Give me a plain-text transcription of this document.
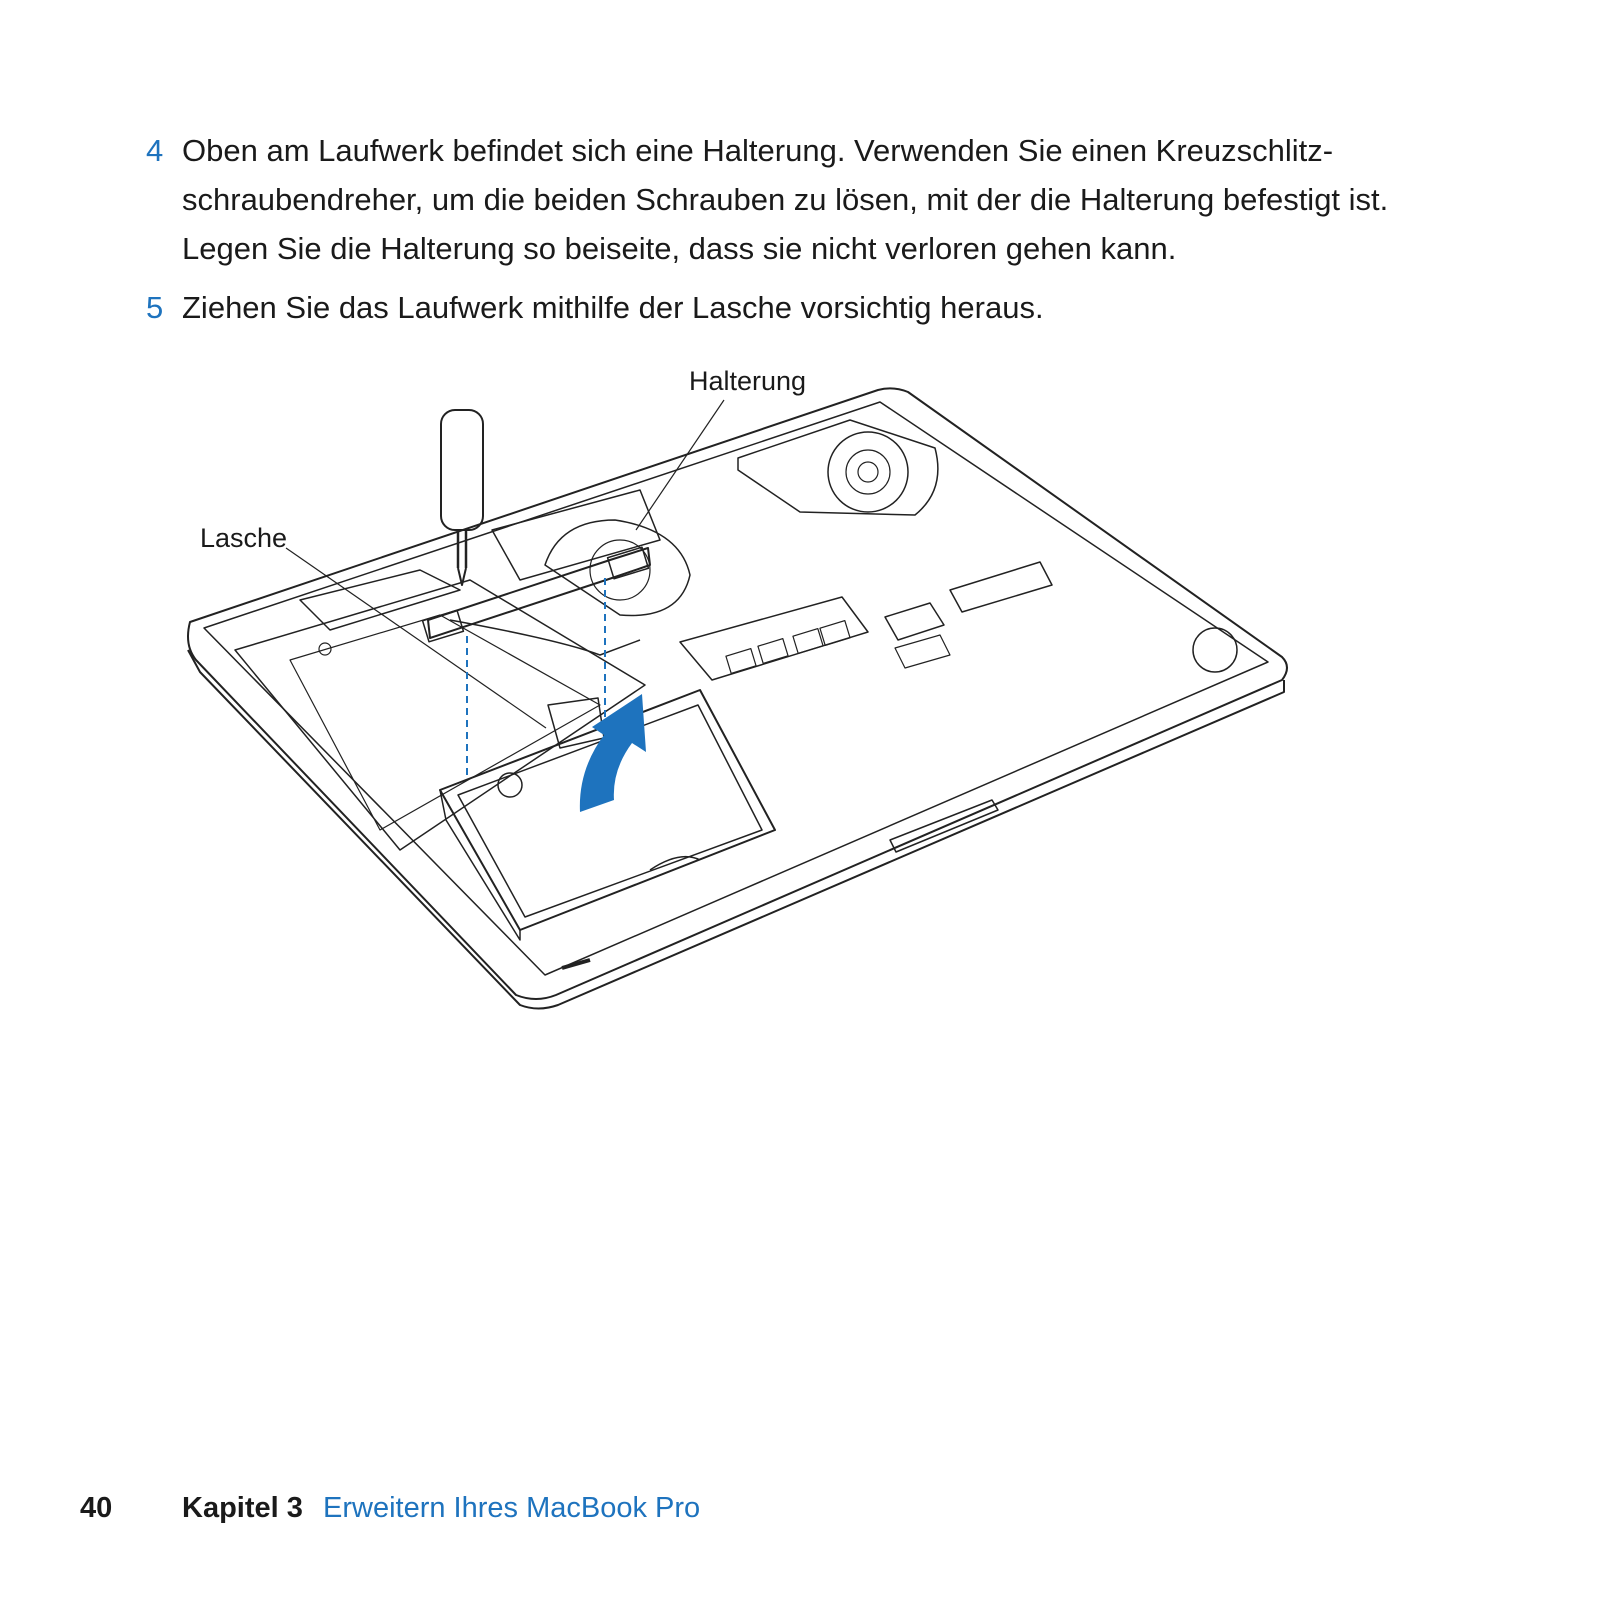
4 Oben am Laufwerk befindet sich eine Halterung. Verwenden Sie einen Kreuzschlitz-schraubendreher, um die beiden Schrauben zu lösen, mit der die Halterung befestigt ist. Legen Sie die Halterung so beiseite, dass sie nicht verloren gehen kann.
5 Ziehen Sie das Laufwerk mithilfe der Lasche vorsichtig heraus.
Halterung
Lasche
40 Kapitel 3 Erweitern Ihres MacBook Pro
